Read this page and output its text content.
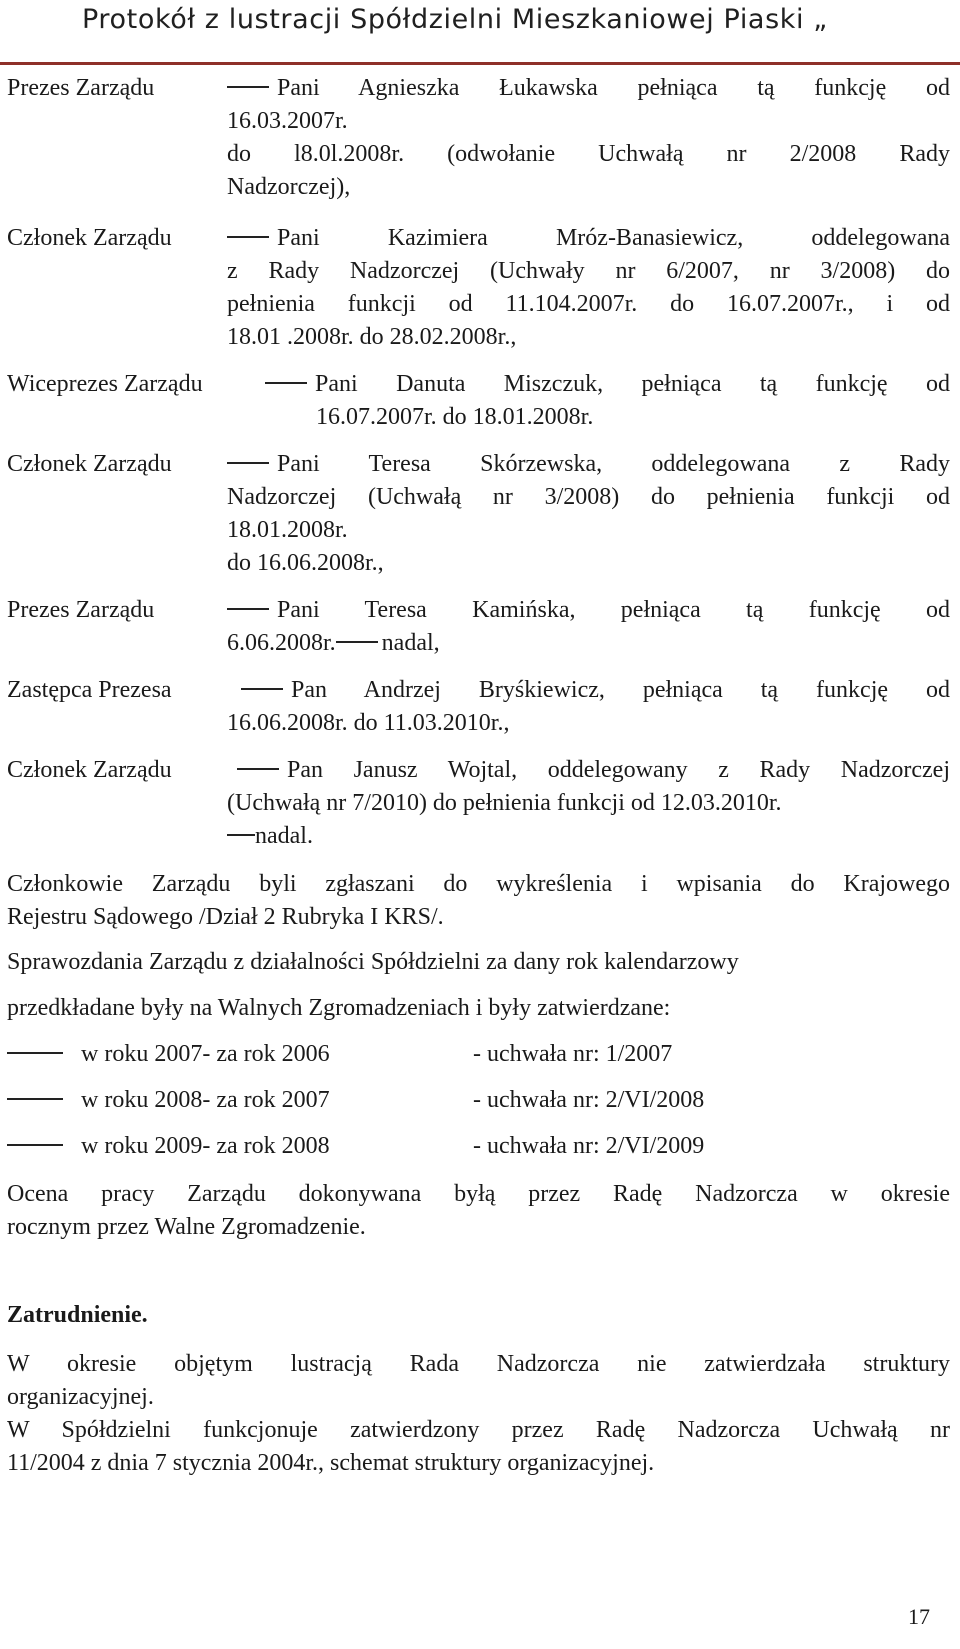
Protokół z lustracji Spółdzielni Mieszkaniowej Piaski „
Prezes Zarządu	Pani Agnieszka Łukawska pełniąca tą funkcję od
16.03.2007r.
do l8.0l.2008r. (odwołanie Uchwałą nr 2/2008 Rady
Nadzorczej),
Członek Zarządu	Pani Kazimiera Mróz-Banasiewicz, oddelegowana
z Rady Nadzorczej (Uchwały nr 6/2007, nr 3/2008) do
pełnienia funkcji od 11.104.2007r. do 16.07.2007r., i od
18.01 .2008r. do 28.02.2008r.,
Wiceprezes Zarządu	Pani Danuta Miszczuk, pełniąca tą funkcję od
16.07.2007r. do 18.01.2008r.
Członek Zarządu	Pani Teresa Skórzewska, oddelegowana z Rady
Nadzorczej (Uchwałą nr 3/2008) do pełnienia funkcji od
18.01.2008r.
do 16.06.2008r.,
Prezes Zarządu	Pani Teresa Kamińska, pełniąca tą funkcję od
6.06.2008r. nadal,
Zastępca Prezesa	Pan Andrzej Bryśkiewicz, pełniąca tą funkcję od
16.06.2008r. do 11.03.2010r.,
Członek Zarządu	Pan Janusz Wojtal, oddelegowany z Rady Nadzorczej
(Uchwałą nr 7/2010) do pełnienia funkcji od 12.03.2010r.
nadal.
Członkowie Zarządu byli zgłaszani do wykreślenia i wpisania do Krajowego
Rejestru Sądowego /Dział 2 Rubryka I KRS/.
Sprawozdania Zarządu z działalności Spółdzielni za dany rok kalendarzowy
przedkładane były na Walnych Zgromadzeniach i były zatwierdzane:
w roku 2007- za rok 2006	- uchwała nr: 1/2007
w roku 2008- za rok 2007	- uchwała nr: 2/VI/2008
w roku 2009- za rok 2008	- uchwała nr: 2/VI/2009
Ocena pracy Zarządu dokonywana byłą przez Radę Nadzorcza w okresie
rocznym przez Walne Zgromadzenie.
Zatrudnienie.
W okresie objętym lustracją Rada Nadzorcza nie zatwierdzała struktury
organizacyjnej.
W Spółdzielni funkcjonuje zatwierdzony przez Radę Nadzorcza Uchwałą nr
11/2004 z dnia 7 stycznia 2004r., schemat struktury organizacyjnej.
17
